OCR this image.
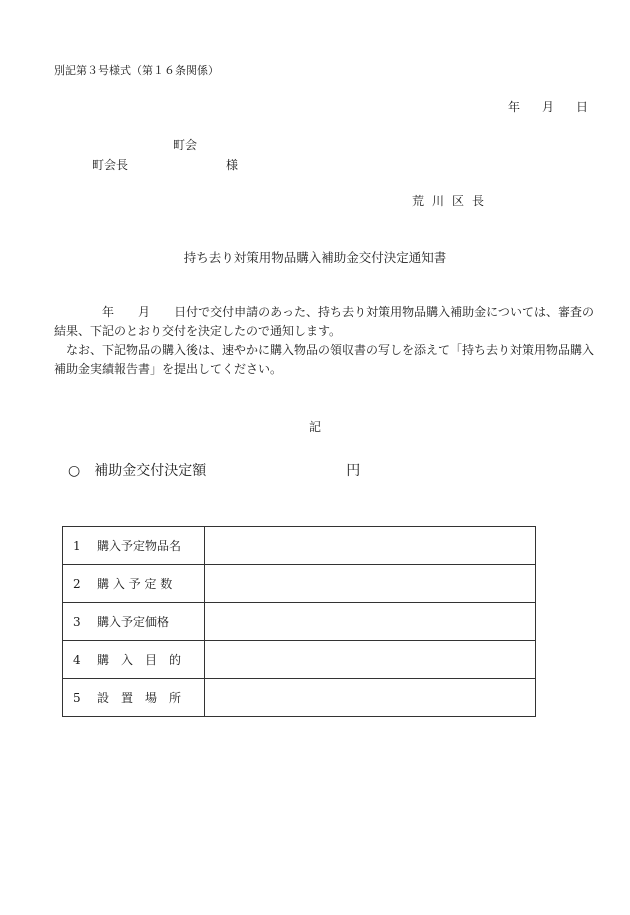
別記第３号様式（第１６条関係）
年 月 日
町会
町会長	様
荒川区長
持ち去り対策用物品購入補助金交付決定通知書

　　　　年　　月　　日付で交付申請のあった、持ち去り対策用物品購入補助金については、審査の結果、下記のとおり交付を決定したので通知します。

　なお、下記物品の購入後は、速やかに購入物品の領収書の写しを添えて「持ち去り対策用物品購入補助金実績報告書」を提出してください。

記
○ 補助金交付決定額	円
1 購入予定物品名	
2 購 入 予 定 数	
3 購入予定価格	
4 購　入　目　的	
5 設　置　場　所	
